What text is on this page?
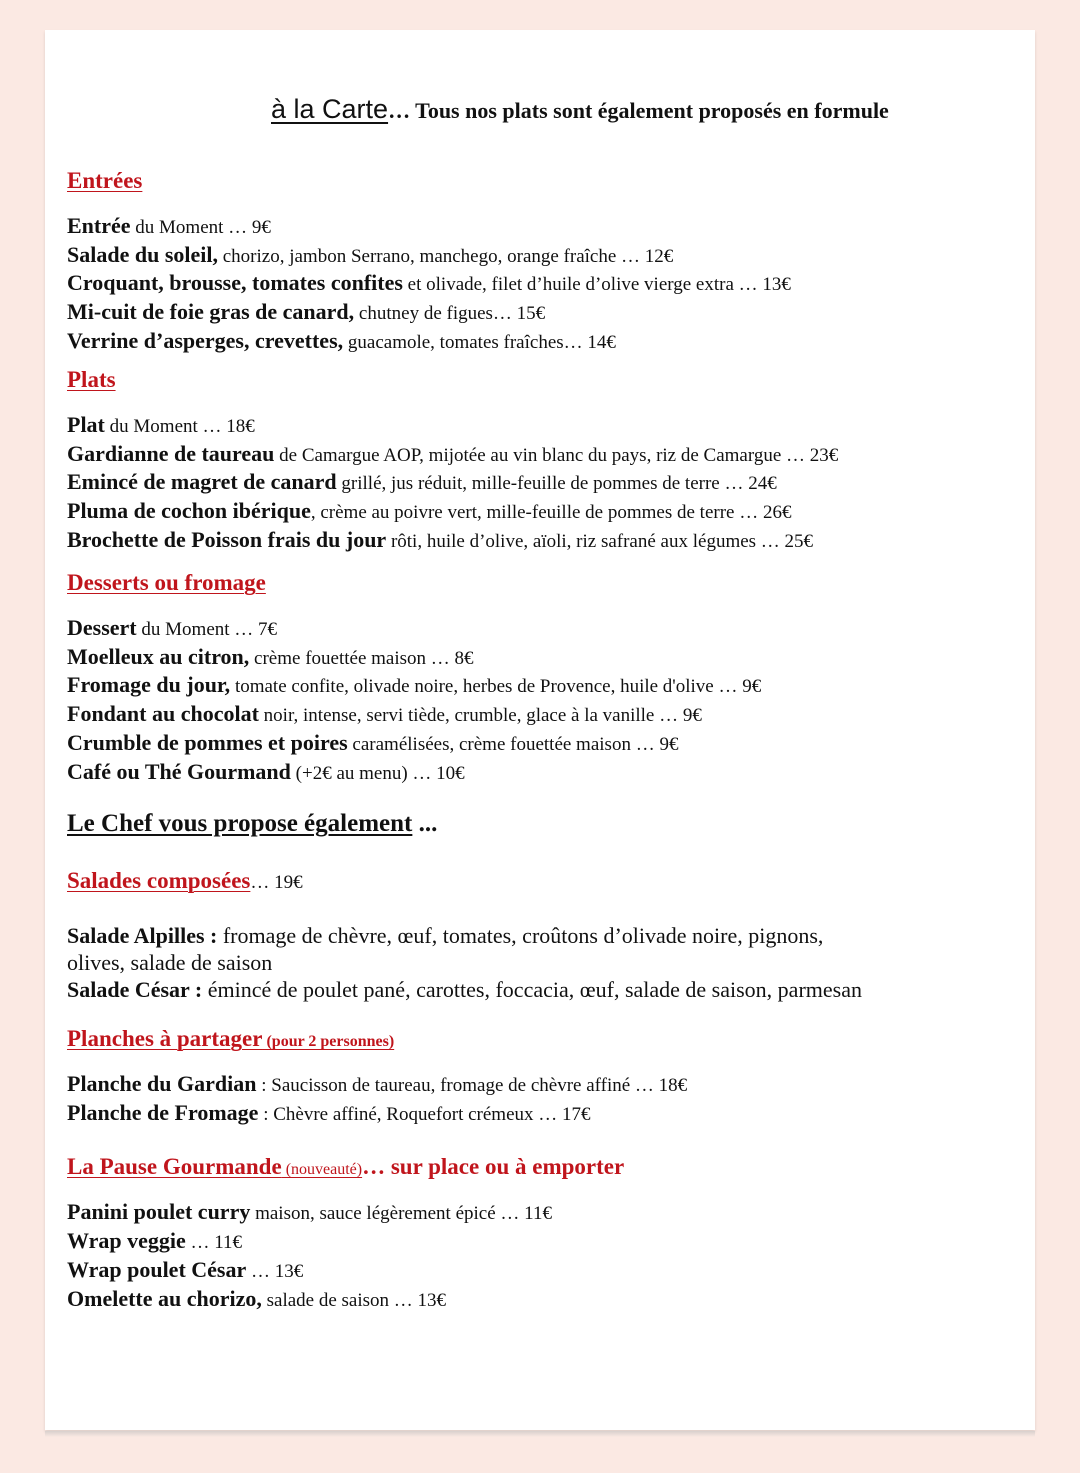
à la Carte… Tous nos plats sont également proposés en formule
Entrées
Entrée du Moment … 9€
Salade du soleil, chorizo, jambon Serrano, manchego, orange fraîche … 12€
Croquant, brousse, tomates confites et olivade, filet d’huile d’olive vierge extra … 13€
Mi-cuit de foie gras de canard, chutney de figues… 15€
Verrine d’asperges, crevettes, guacamole, tomates fraîches… 14€
Plats
Plat du Moment … 18€
Gardianne de taureau de Camargue AOP, mijotée au vin blanc du pays, riz de Camargue … 23€
Eminc​é de magret de canard grillé, jus réduit, mille-feuille de pommes de terre … 24€
Pluma de cochon ibérique, crème au poivre vert, mille-feuille de pommes de terre … 26€
Brochette de Poisson frais du jour rôti, huile d’olive, aïoli, riz safrané aux légumes … 25€
Desserts ou fromage
Dessert du Moment … 7€
Moelleux au citron, crème fouettée maison … 8€
Fromage du jour, tomate confite, olivade noire, herbes de Provence, huile d'olive … 9€
Fondant au chocolat noir, intense, servi tiède, crumble, glace à la vanille … 9€
Crumble de pommes et poires caramélisées, crème fouettée maison … 9€
Café ou Thé Gourmand (+2€ au menu) … 10€
Le Chef vous propose également ...
Salades composées… 19€
Salade Alpilles : fromage de chèvre, œuf, tomates, croûtons d’olivade noire, pignons,
olives, salade de saison
Salade César : émincé de poulet pané, carottes, foccacia, œuf, salade de saison, parmesan
Planches à partager (pour 2 personnes)
Planche du Gardian : Saucisson de taureau, fromage de chèvre affiné … 18€
Planche de Fromage : Chèvre affiné, Roquefort crémeux … 17€
La Pause Gourmande (nouveauté)… sur place ou à emporter
Panini poulet curry maison, sauce légèrement épicé … 11€
Wrap veggie … 11€
Wrap poulet César … 13€
Omelette au chorizo, salade de saison … 13€
